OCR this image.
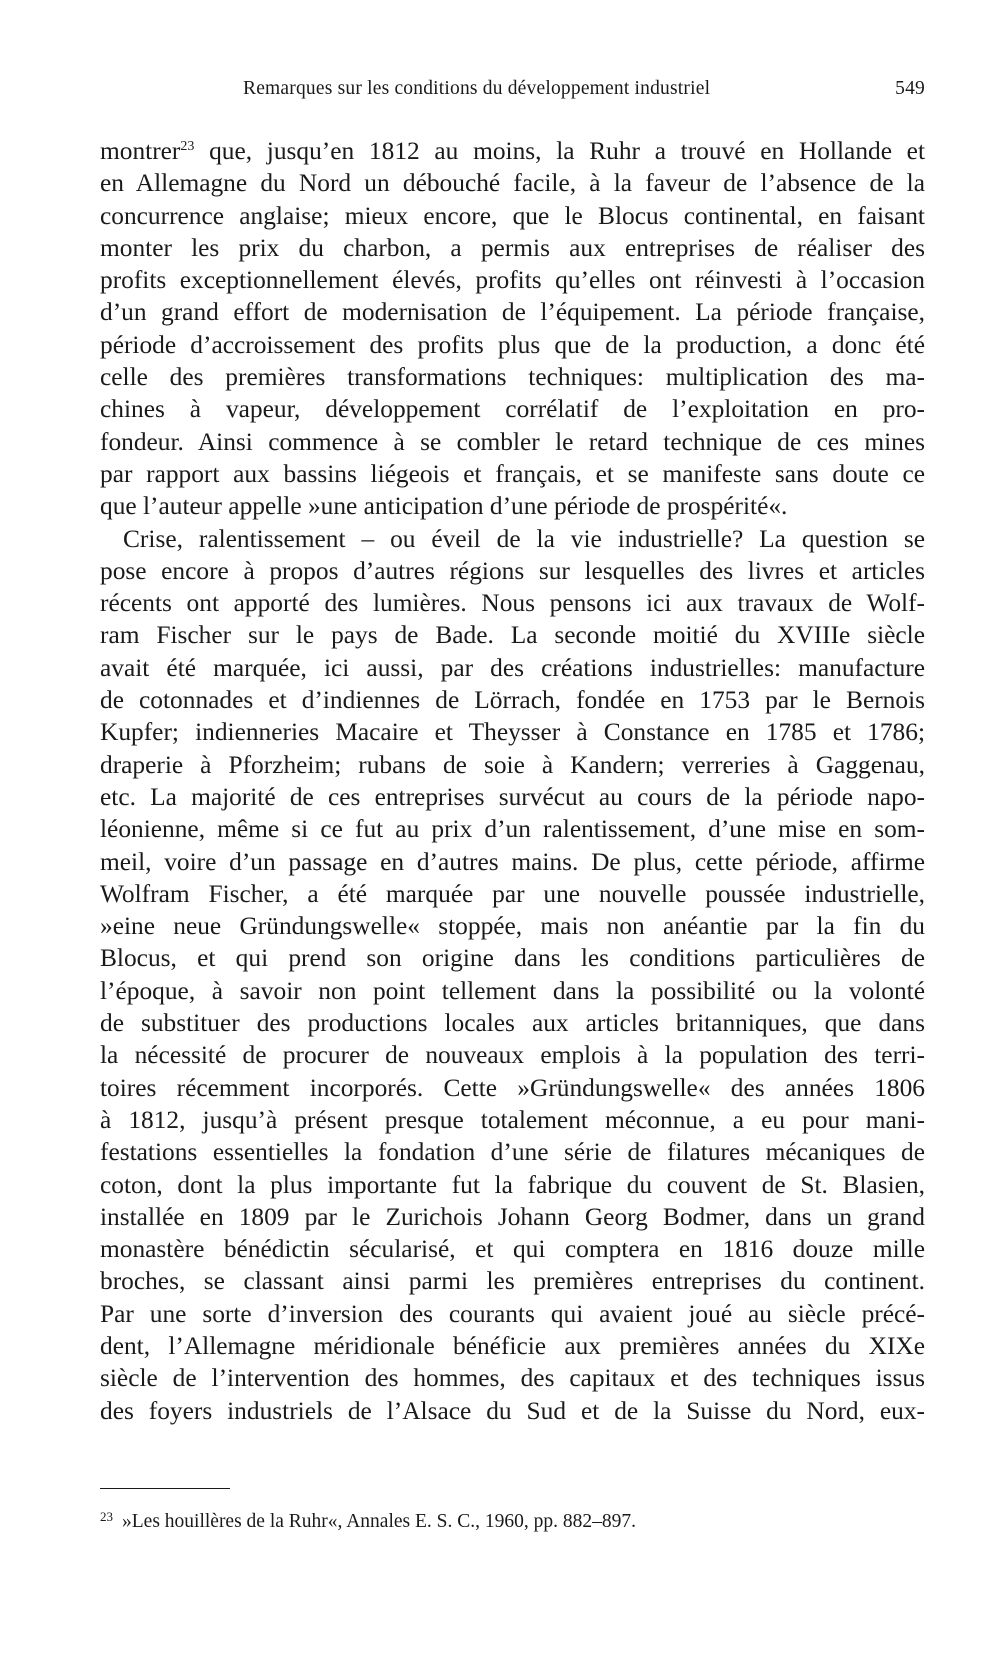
Remarques sur les conditions du développement industriel	549
montrer$^{23}$ que, jusqu’en 1812 au moins, la Ruhr a trouvé en Hollande et
en Allemagne du Nord un débouché facile, à la faveur de l’absence de la
concurrence anglaise; mieux encore, que le Blocus continental, en faisant
monter les prix du charbon, a permis aux entreprises de réaliser des
profits exceptionnellement élevés, profits qu’elles ont réinvesti à l’occasion
d’un grand effort de modernisation de l’équipement. La période française,
période d’accroissement des profits plus que de la production, a donc été
celle des premières transformations techniques: multiplication des ma-
chines à vapeur, développement corrélatif de l’exploitation en pro-
fondeur. Ainsi commence à se combler le retard technique de ces mines
par rapport aux bassins liégeois et français, et se manifeste sans doute ce
que l’auteur appelle »une anticipation d’une période de prospérité«.
Crise, ralentissement – ou éveil de la vie industrielle? La question se
pose encore à propos d’autres régions sur lesquelles des livres et articles
récents ont apporté des lumières. Nous pensons ici aux travaux de Wolf-
ram Fischer sur le pays de Bade. La seconde moitié du XVIIIe siècle
avait été marquée, ici aussi, par des créations industrielles: manufacture
de cotonnades et d’indiennes de Lörrach, fondée en 1753 par le Bernois
Kupfer; indienneries Macaire et Theysser à Constance en 1785 et 1786;
draperie à Pforzheim; rubans de soie à Kandern; verreries à Gaggenau,
etc. La majorité de ces entreprises survécut au cours de la période napo-
léonienne, même si ce fut au prix d’un ralentissement, d’une mise en som-
meil, voire d’un passage en d’autres mains. De plus, cette période, affirme
Wolfram Fischer, a été marquée par une nouvelle poussée industrielle,
»eine neue Gründungswelle« stoppée, mais non anéantie par la fin du
Blocus, et qui prend son origine dans les conditions particulières de
l’époque, à savoir non point tellement dans la possibilité ou la volonté
de substituer des productions locales aux articles britanniques, que dans
la nécessité de procurer de nouveaux emplois à la population des terri-
toires récemment incorporés. Cette »Gründungswelle« des années 1806
à 1812, jusqu’à présent presque totalement méconnue, a eu pour mani-
festations essentielles la fondation d’une série de filatures mécaniques de
coton, dont la plus importante fut la fabrique du couvent de St. Blasien,
installée en 1809 par le Zurichois Johann Georg Bodmer, dans un grand
monastère bénédictin sécularisé, et qui comptera en 1816 douze mille
broches, se classant ainsi parmi les premières entreprises du continent.
Par une sorte d’inversion des courants qui avaient joué au siècle précé-
dent, l’Allemagne méridionale bénéficie aux premières années du XIXe
siècle de l’intervention des hommes, des capitaux et des techniques issus
des foyers industriels de l’Alsace du Sud et de la Suisse du Nord, eux-
$^{23}$ »Les houillères de la Ruhr«, Annales E. S. C., 1960, pp. 882–897.
